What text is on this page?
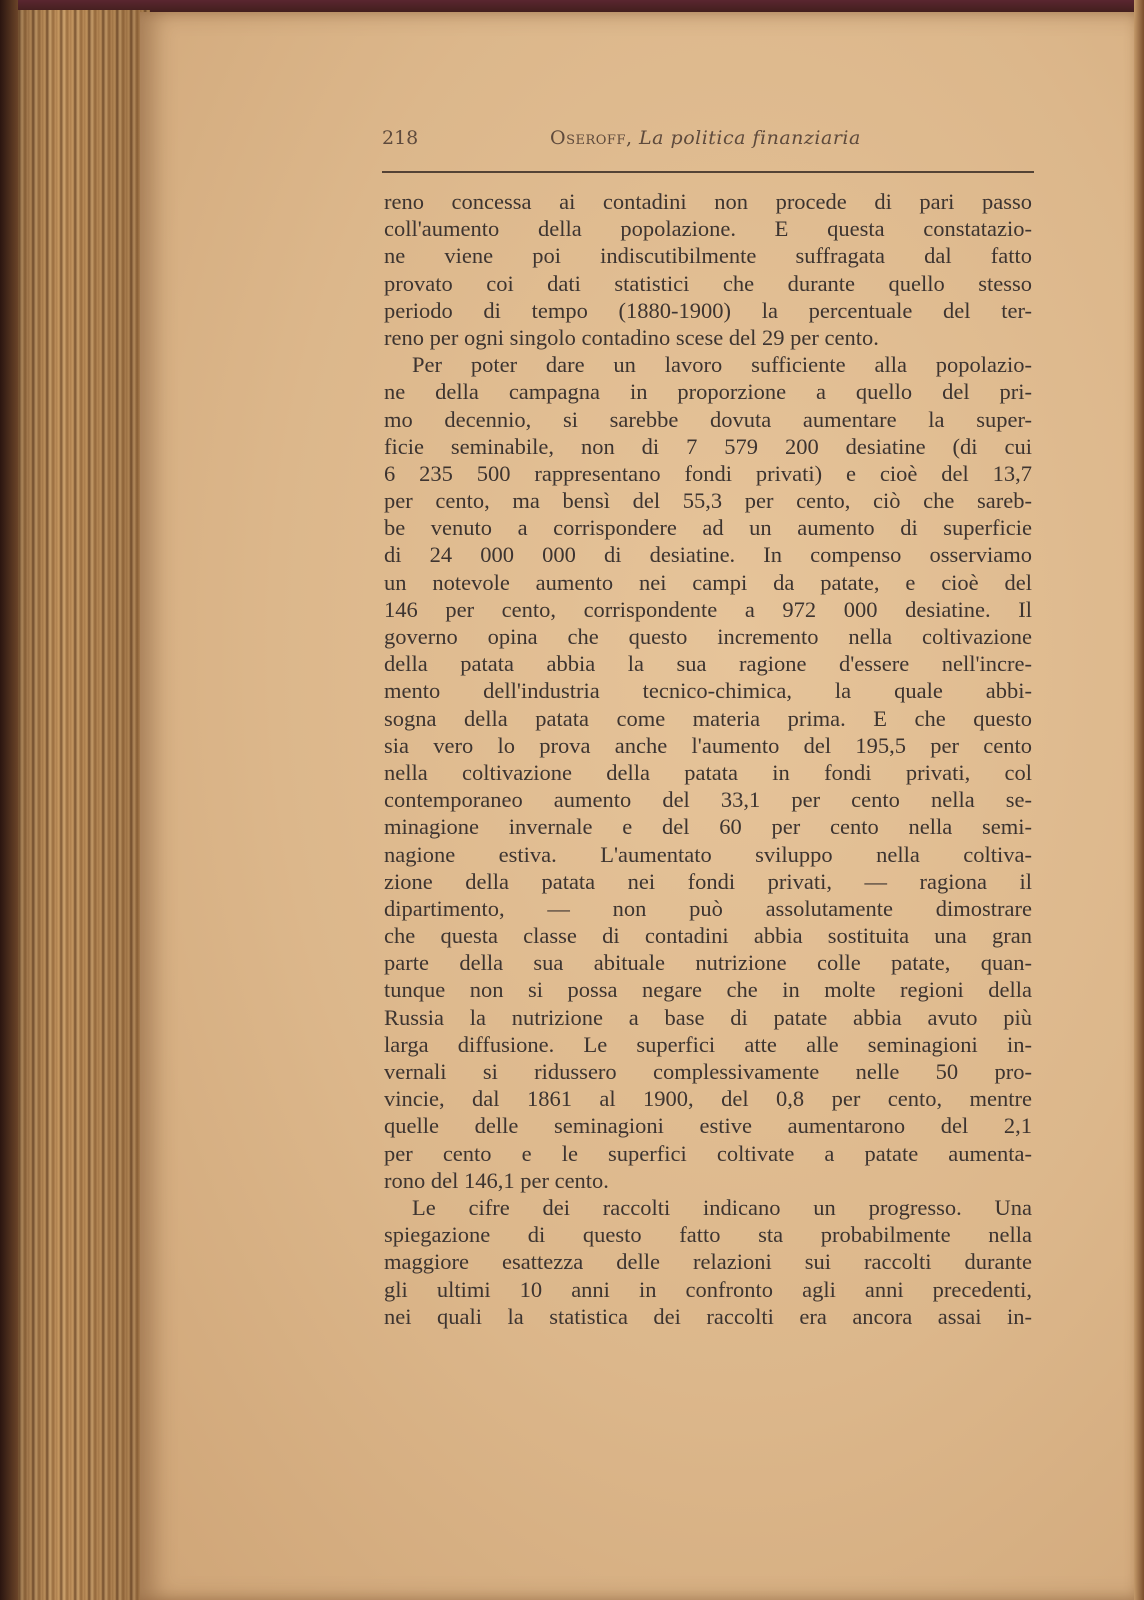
218	Oseroff, La politica finanziaria
reno concessa ai contadini non procede di pari passo
coll'aumento della popolazione. E questa constatazio-
ne viene poi indiscutibilmente suffragata dal fatto
provato coi dati statistici che durante quello stesso
periodo di tempo (1880-1900) la percentuale del ter-
reno per ogni singolo contadino scese del 29 per cento.
Per poter dare un lavoro sufficiente alla popolazio-
ne della campagna in proporzione a quello del pri-
mo decennio, si sarebbe dovuta aumentare la super-
ficie seminabile, non di 7 579 200 desiatine (di cui
6 235 500 rappresentano fondi privati) e cioè del 13,7
per cento, ma bensì del 55,3 per cento, ciò che sareb-
be venuto a corrispondere ad un aumento di superficie
di 24 000 000 di desiatine. In compenso osserviamo
un notevole aumento nei campi da patate, e cioè del
146 per cento, corrispondente a 972 000 desiatine. Il
governo opina che questo incremento nella coltivazione
della patata abbia la sua ragione d'essere nell'incre-
mento dell'industria tecnico-chimica, la quale abbi-
sogna della patata come materia prima. E che questo
sia vero lo prova anche l'aumento del 195,5 per cento
nella coltivazione della patata in fondi privati, col
contemporaneo aumento del 33,1 per cento nella se-
minagione invernale e del 60 per cento nella semi-
nagione estiva. L'aumentato sviluppo nella coltiva-
zione della patata nei fondi privati, — ragiona il
dipartimento, — non può assolutamente dimostrare
che questa classe di contadini abbia sostituita una gran
parte della sua abituale nutrizione colle patate, quan-
tunque non si possa negare che in molte regioni della
Russia la nutrizione a base di patate abbia avuto più
larga diffusione. Le superfici atte alle seminagioni in-
vernali si ridussero complessivamente nelle 50 pro-
vincie, dal 1861 al 1900, del 0,8 per cento, mentre
quelle delle seminagioni estive aumentarono del 2,1
per cento e le superfici coltivate a patate aumenta-
rono del 146,1 per cento.
Le cifre dei raccolti indicano un progresso. Una
spiegazione di questo fatto sta probabilmente nella
maggiore esattezza delle relazioni sui raccolti durante
gli ultimi 10 anni in confronto agli anni precedenti,
nei quali la statistica dei raccolti era ancora assai in-
